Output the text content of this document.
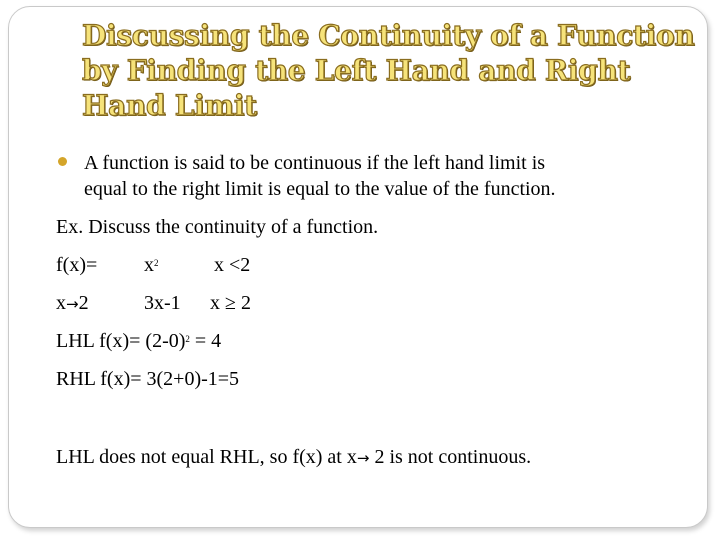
Discussing the Continuity of a Function
by Finding the Left Hand and Right
Hand Limit
A function is said to be continuous if the left hand limit is
equal to the right limit is equal to the value of the function.
Ex. Discuss the continuity of a function.
$f(x)= x^2$	x <2
x→2	3x-1 x ≥ 2
LHL $f(x)= (2-0)^2 = 4$
RHL f(x)= 3(2+0)-1=5
LHL does not equal RHL, so f(x) at x→ 2 is not continuous.
